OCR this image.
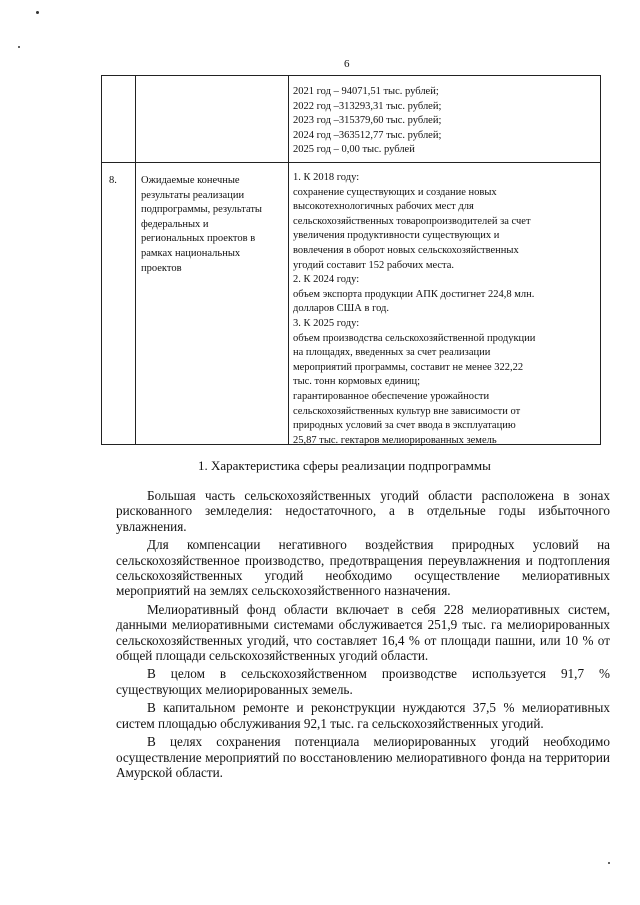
6
2021 год – 94071,51 тыс. рублей;
2022 год –313293,31 тыс. рублей;
2023 год –315379,60 тыс. рублей;
2024 год –363512,77 тыс. рублей;
2025 год – 0,00 тыс. рублей
8. Ожидаемые конечные
результаты реализации
подпрограммы, результаты
федеральных и
региональных проектов в
рамках национальных
проектов
1. К 2018 году:
сохранение существующих и создание новых
высокотехнологичных рабочих мест для
сельскохозяйственных товаропроизводителей за счет
увеличения продуктивности существующих и
вовлечения в оборот новых сельскохозяйственных
угодий составит 152 рабочих места.
2. К 2024 году:
объем экспорта продукции АПК достигнет 224,8 млн.
долларов США в год.
3. К 2025 году:
объем производства сельскохозяйственной продукции
на площадях, введенных за счет реализации
мероприятий программы, составит не менее 322,22
тыс. тонн кормовых единиц;
гарантированное обеспечение урожайности
сельскохозяйственных культур вне зависимости от
природных условий за счет ввода в эксплуатацию
25,87 тыс. гектаров мелиорированных земель
1. Характеристика сферы реализации подпрограммы

Большая часть сельскохозяйственных угодий области расположена в зонах рискованного земледелия: недостаточного, а в отдельные годы избыточного увлажнения.

Для компенсации негативного воздействия природных условий на сельскохозяйственное производство, предотвращения переувлажнения и подтопления сельскохозяйственных угодий необходимо осуществление мелиоративных мероприятий на землях сельскохозяйственного назначения.

Мелиоративный фонд области включает в себя 228 мелиоративных систем, данными мелиоративными системами обслуживается 251,9 тыс. га мелиорированных сельскохозяйственных угодий, что составляет 16,4 % от площади пашни, или 10 % от общей площади сельскохозяйственных угодий области.

В целом в сельскохозяйственном производстве используется 91,7 % существующих мелиорированных земель.

В капитальном ремонте и реконструкции нуждаются 37,5 % мелиоративных систем площадью обслуживания 92,1 тыс. га сельскохозяйственных угодий.

В целях сохранения потенциала мелиорированных угодий необходимо осуществление мероприятий по восстановлению мелиоративного фонда на территории Амурской области.
